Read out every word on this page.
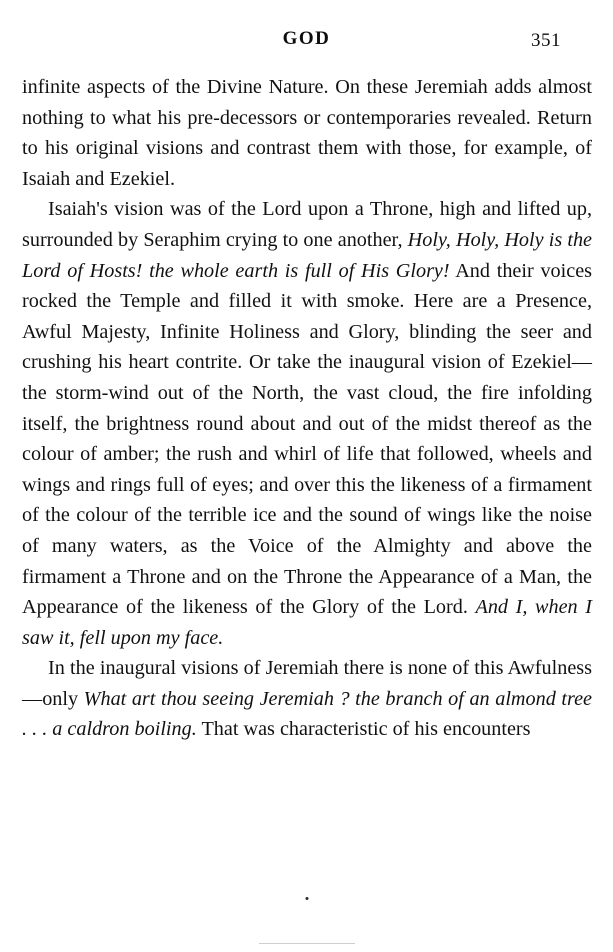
GOD	351

infinite aspects of the Divine Nature. On these Jeremiah adds almost nothing to what his pre-decessors or contemporaries revealed. Return to his original visions and contrast them with those, for example, of Isaiah and Ezekiel.

Isaiah's vision was of the Lord upon a Throne, high and lifted up, surrounded by Seraphim crying to one another, Holy, Holy, Holy is the Lord of Hosts! the whole earth is full of His Glory! And their voices rocked the Temple and filled it with smoke. Here are a Presence, Awful Majesty, Infinite Holiness and Glory, blinding the seer and crushing his heart contrite. Or take the inaugural vision of Ezekiel—the storm-wind out of the North, the vast cloud, the fire infolding itself, the brightness round about and out of the midst thereof as the colour of amber; the rush and whirl of life that followed, wheels and wings and rings full of eyes; and over this the likeness of a firmament of the colour of the terrible ice and the sound of wings like the noise of many waters, as the Voice of the Almighty and above the firmament a Throne and on the Throne the Appearance of a Man, the Appearance of the likeness of the Glory of the Lord. And I, when I saw it, fell upon my face.

In the inaugural visions of Jeremiah there is none of this Awfulness—only What art thou seeing Jeremiah ? the branch of an almond tree . . . a caldron boiling. That was characteristic of his encounters
